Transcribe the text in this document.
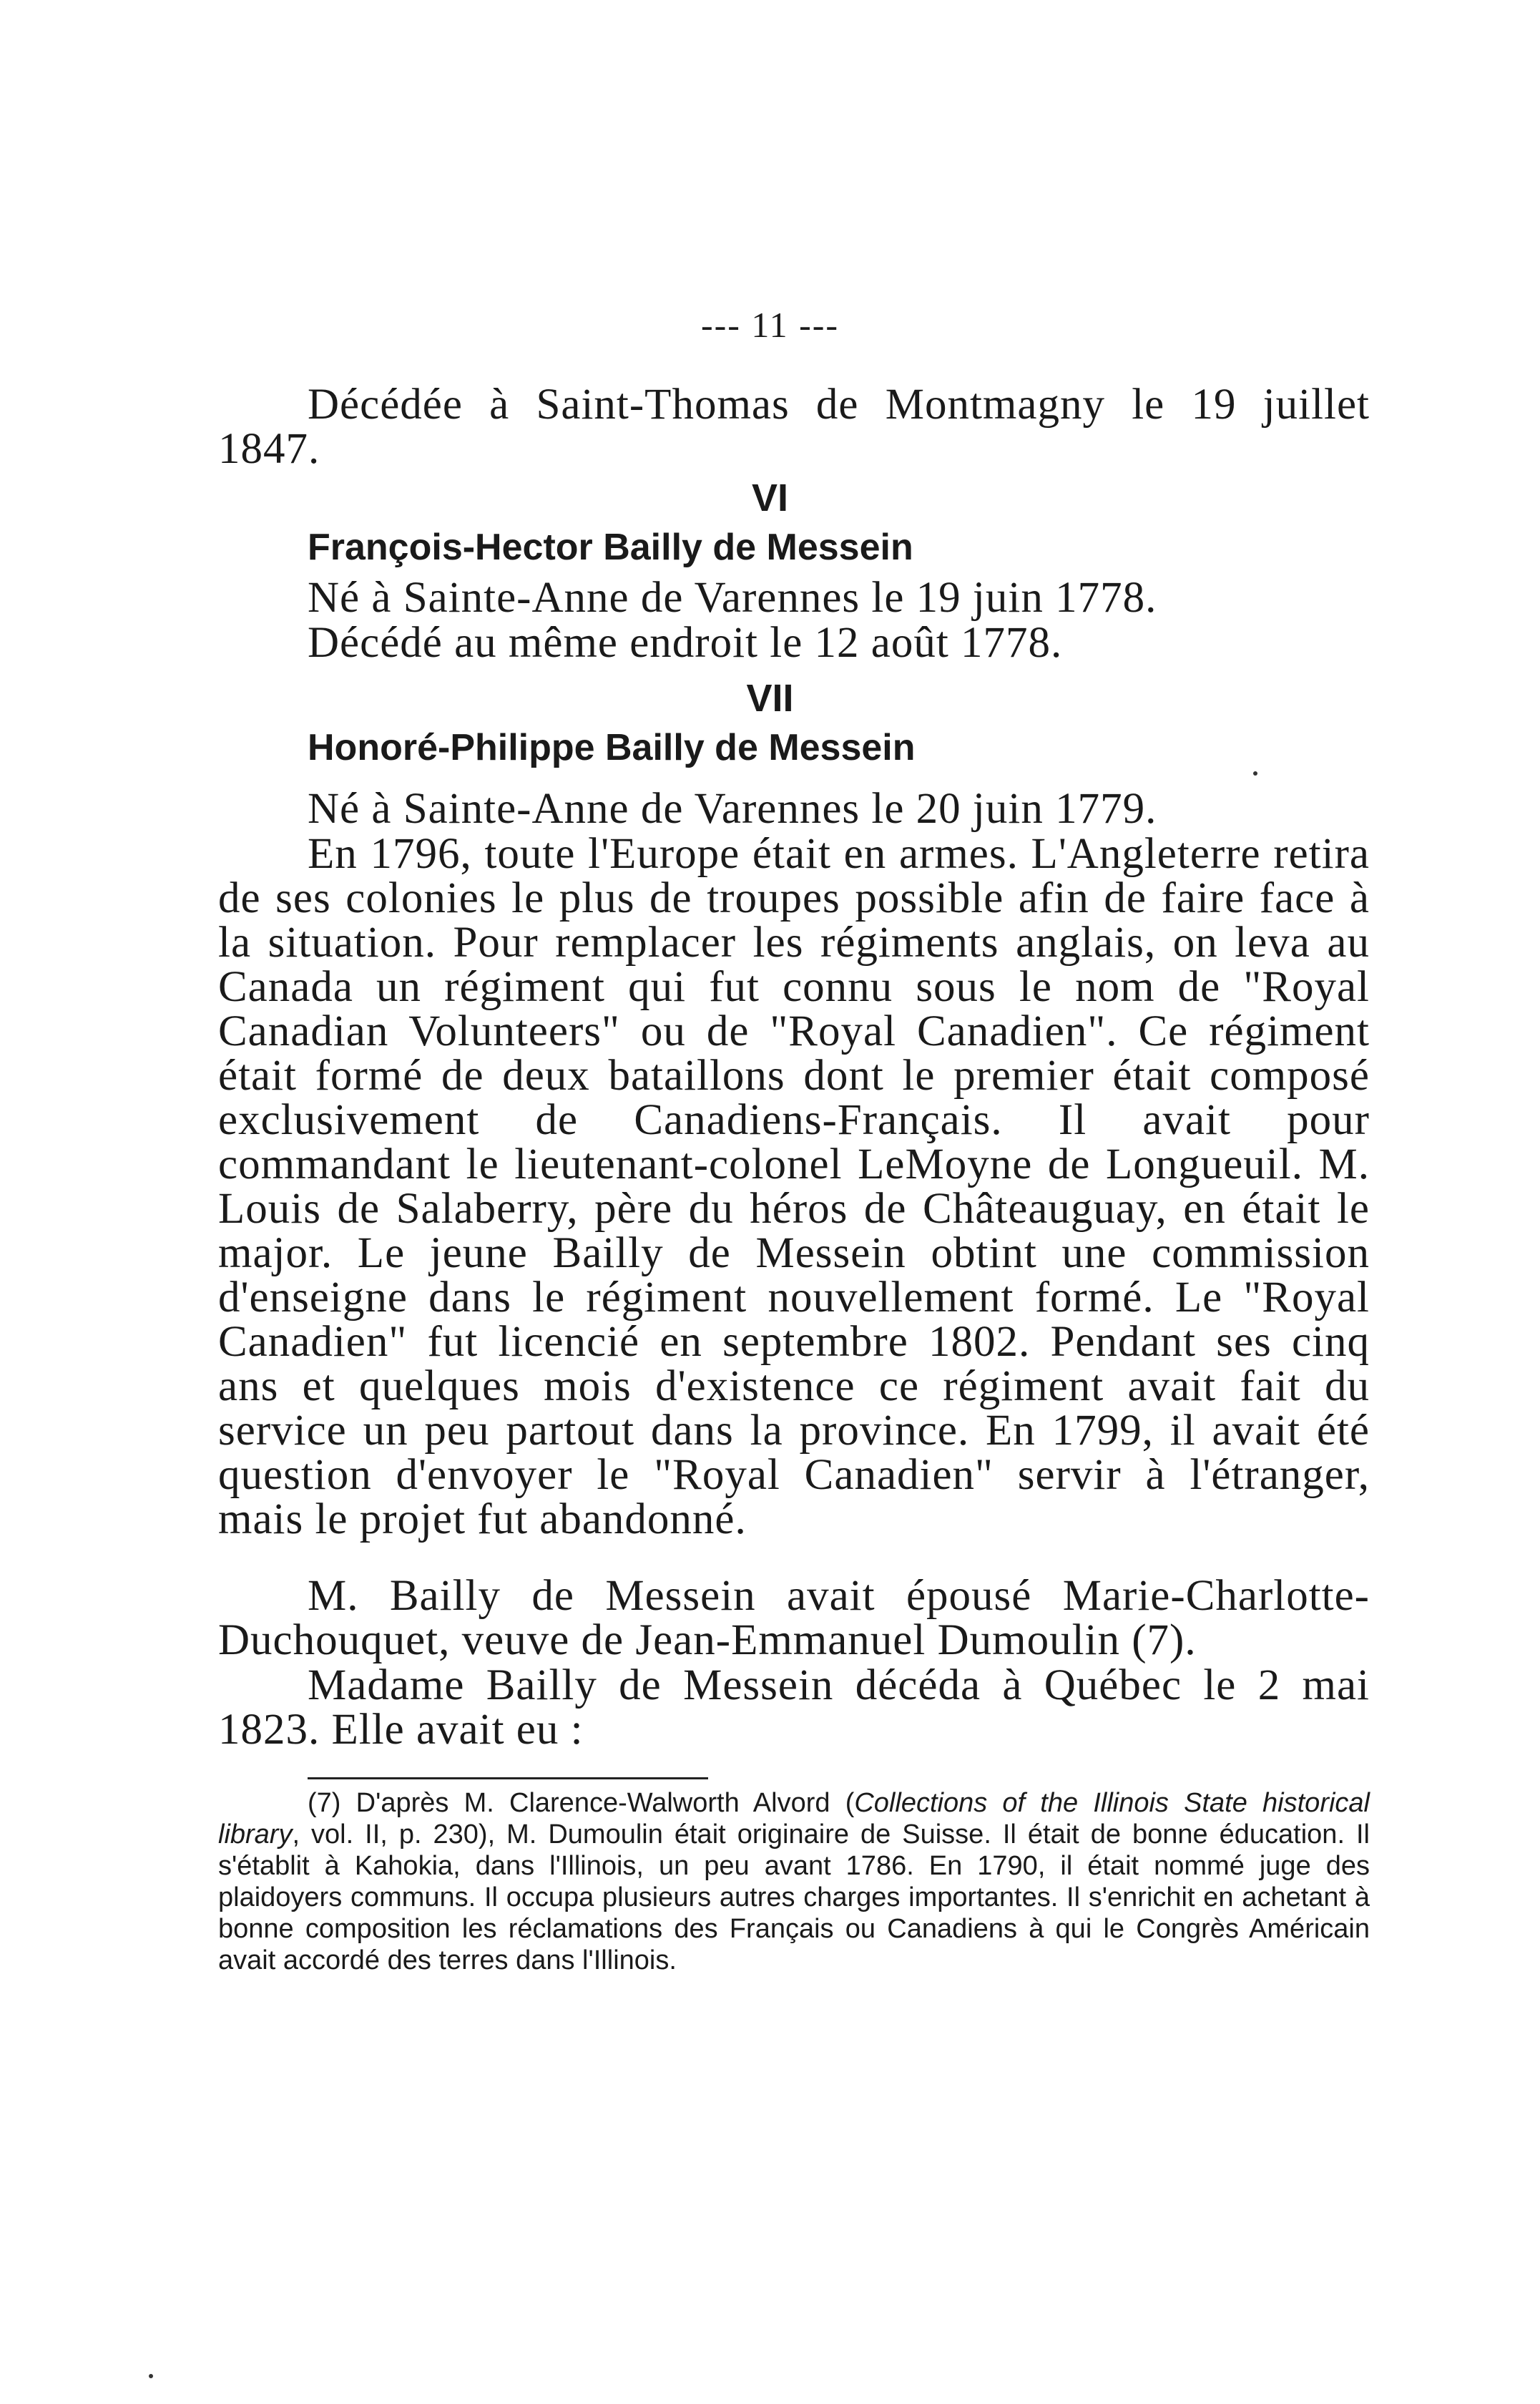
--- 11 ---

Décédée à Saint-Thomas de Montmagny le 19 juillet 1847.

VI
François-Hector Bailly de Messein
Né à Sainte-Anne de Varennes le 19 juin 1778.
Décédé au même endroit le 12 août 1778.
VII
Honoré-Philippe Bailly de Messein
Né à Sainte-Anne de Varennes le 20 juin 1779.

En 1796, toute l'Europe était en armes. L'Angleterre retira de ses colonies le plus de troupes possible afin de faire face à la situation. Pour remplacer les régiments anglais, on leva au Canada un régiment qui fut connu sous le nom de "Royal Canadian Volunteers" ou de "Royal Canadien". Ce régiment était formé de deux bataillons dont le premier était composé exclusivement de Canadiens-Français. Il avait pour commandant le lieutenant-colonel LeMoyne de Longueuil. M. Louis de Salaberry, père du héros de Châteauguay, en était le major. Le jeune Bailly de Messein obtint une commission d'enseigne dans le régiment nouvellement formé. Le "Royal Canadien" fut licencié en septembre 1802. Pendant ses cinq ans et quelques mois d'existence ce régiment avait fait du service un peu partout dans la province. En 1799, il avait été question d'envoyer le "Royal Canadien" servir à l'étranger, mais le projet fut abandonné.

M. Bailly de Messein avait épousé Marie-Charlotte-Duchouquet, veuve de Jean-Emmanuel Dumoulin (7).

Madame Bailly de Messein décéda à Québec le 2 mai 1823. Elle avait eu :

(7) D'après M. Clarence-Walworth Alvord (Collections of the Illinois State historical library, vol. II, p. 230), M. Dumoulin était originaire de Suisse. Il était de bonne éducation. Il s'établit à Kahokia, dans l'Illinois, un peu avant 1786. En 1790, il était nommé juge des plaidoyers communs. Il occupa plusieurs autres charges importantes. Il s'enrichit en achetant à bonne composition les réclamations des Français ou Canadiens à qui le Congrès Américain avait accordé des terres dans l'Illinois.
